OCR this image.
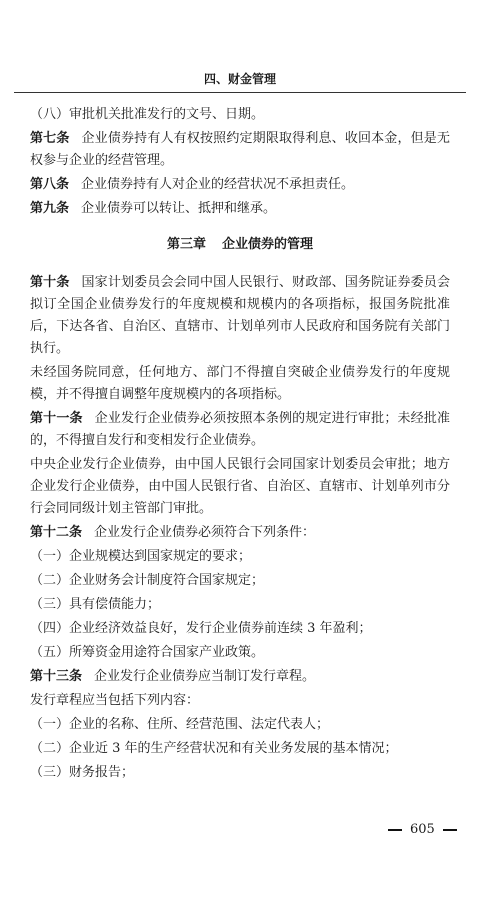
四、财金管理

（八）审批机关批准发行的文号、日期。

第七条 企业债券持有人有权按照约定期限取得利息、收回本金，但是无权参与企业的经营管理。

第八条 企业债券持有人对企业的经营状况不承担责任。

第九条 企业债券可以转让、抵押和继承。

第三章 企业债券的管理

第十条 国家计划委员会会同中国人民银行、财政部、国务院证券委员会拟订全国企业债券发行的年度规模和规模内的各项指标，报国务院批准后，下达各省、自治区、直辖市、计划单列市人民政府和国务院有关部门执行。

未经国务院同意，任何地方、部门不得擅自突破企业债券发行的年度规模，并不得擅自调整年度规模内的各项指标。

第十一条 企业发行企业债券必须按照本条例的规定进行审批；未经批准的，不得擅自发行和变相发行企业债券。

中央企业发行企业债券，由中国人民银行会同国家计划委员会审批；地方企业发行企业债券，由中国人民银行省、自治区、直辖市、计划单列市分行会同同级计划主管部门审批。

第十二条 企业发行企业债券必须符合下列条件：

（一）企业规模达到国家规定的要求；

（二）企业财务会计制度符合国家规定；

（三）具有偿债能力；

（四）企业经济效益良好，发行企业债券前连续 3 年盈利；

（五）所筹资金用途符合国家产业政策。

第十三条 企业发行企业债券应当制订发行章程。

发行章程应当包括下列内容：

（一）企业的名称、住所、经营范围、法定代表人；

（二）企业近 3 年的生产经营状况和有关业务发展的基本情况；

（三）财务报告；

605
